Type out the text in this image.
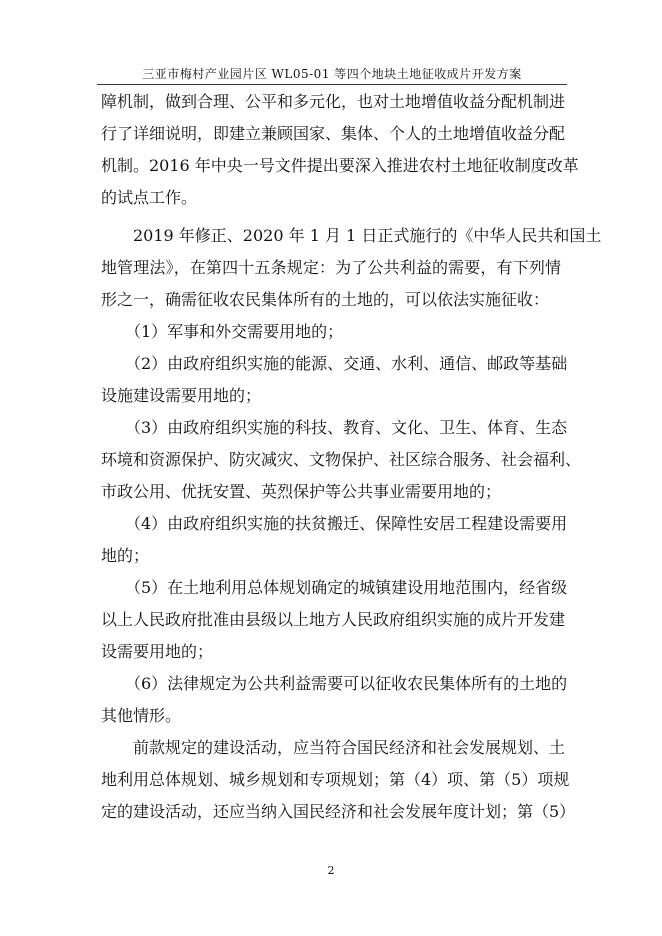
三亚市梅村产业园片区 WL05-01 等四个地块土地征收成片开发方案
障机制，做到合理、公平和多元化，也对土地增值收益分配机制进
行了详细说明，即建立兼顾国家、集体、个人的土地增值收益分配
机制。2016 年中央一号文件提出要深入推进农村土地征收制度改革
的试点工作。
　　2019 年修正、2020 年 1 月 1 日正式施行的《中华人民共和国土
地管理法》，在第四十五条规定：为了公共利益的需要，有下列情
形之一，确需征收农民集体所有的土地的，可以依法实施征收：
　　（1）军事和外交需要用地的；
　　（2）由政府组织实施的能源、交通、水利、通信、邮政等基础
设施建设需要用地的；
　　（3）由政府组织实施的科技、教育、文化、卫生、体育、生态
环境和资源保护、防灾减灾、文物保护、社区综合服务、社会福利、
市政公用、优抚安置、英烈保护等公共事业需要用地的；
　　（4）由政府组织实施的扶贫搬迁、保障性安居工程建设需要用
地的；
　　（5）在土地利用总体规划确定的城镇建设用地范围内，经省级
以上人民政府批准由县级以上地方人民政府组织实施的成片开发建
设需要用地的；
　　（6）法律规定为公共利益需要可以征收农民集体所有的土地的
其他情形。
　　前款规定的建设活动，应当符合国民经济和社会发展规划、土
地利用总体规划、城乡规划和专项规划；第（4）项、第（5）项规
定的建设活动，还应当纳入国民经济和社会发展年度计划；第（5）
2
